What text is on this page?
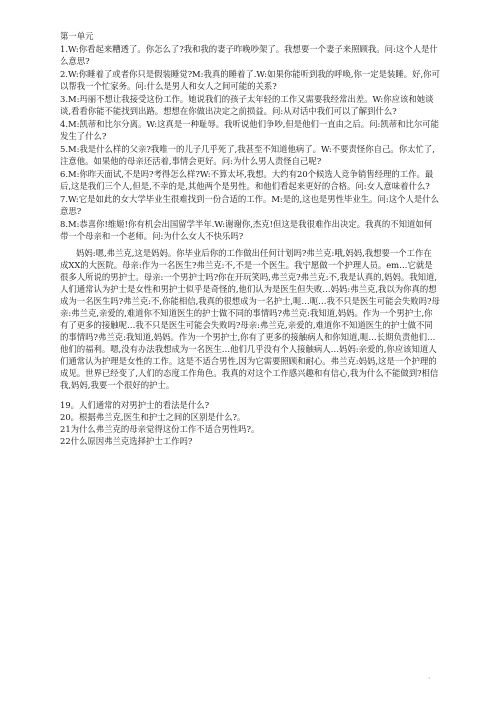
第一单元

1.W:你看起来糟透了。你怎么了?我和我的妻子昨晚吵架了。我想要一个妻子来照顾我。问:这个人是什么意思?

2.W:你睡着了或者你只是假装睡觉?M:我真的睡着了.W:如果你能听到我的呼唤,你一定是装睡。好,你可以帮我一个忙家务。问:什么是男人和女人之间可能的关系?

3.M:玛丽不想让我接受这份工作。她说我们的孩子太年轻的工作又需要我经常出差。W:你应该和她谈谈,看看你能不能找到出路。想想在你做出决定之前损益。问:从对话中我们可以了解到什么?

4.M:凯蒂和比尔分离。W:这真是一种耻辱。我听说他们争吵,但是他们一直由之后。问:凯蒂和比尔可能发生了什么?

5.M:我是什么样的父亲?我唯一的儿子几乎死了,我甚至不知道他病了。W:不要责怪你自己。你太忙了,注意他。如果他的母亲还活着,事情会更好。问:为什么男人责怪自己呢?

6.M:你昨天面试,不是吗?考得怎么样?W:不算太坏,我想。大约有20个候选人竞争销售经理的工作。最后,这是我们三个人,但是,不幸的是,其他两个是男性。和他们看起来更好的合格。问:女人意味着什么?

7.W:它是如此的女大学毕业生很难找到一份合适的工作。M:是的,这也是男性毕业生。问:这个人是什么意思?

8.M:恭喜你!维姬!你有机会出国留学半年.W:谢谢你,杰克!但这是我很难作出决定。我真的不知道如何带一个母亲和一个老师。问:为什么女人不快乐吗?

妈妈:嗯,弗兰克,这是妈妈。你毕业后你的工作做出任何计划吗?弗兰克:哦,妈妈,我想要一个工作在成XX的大医院。母亲:作为一名医生?弗兰克:不,不是一个医生。我宁愿做一个护理人员。em…它就是很多人所说的男护士。母亲:一个男护士吗?你在开玩笑吗,弗兰克?弗兰克:不,我是认真的,妈妈。我知道,人们通常认为护士是女性和男护士似乎是奇怪的,他们认为是医生但失败…妈妈:弗兰克,我以为你真的想成为一名医生吗?弗兰克:不,你能相信,我真的很想成为一名护士,呃…呃…我不只是医生可能会失败吗?母亲:弗兰克,亲爱的,难道你不知道医生的护士做不同的事情吗?弗兰克:我知道,妈妈。作为一个男护士,你有了更多的接触呢…我不只是医生可能会失败吗?母亲:弗兰克,亲爱的,难道你不知道医生的护士做不同的事情吗?弗兰克:我知道,妈妈。作为一个男护士,你有了更多的接触病人和你知道,呃…长期负责他们…他们的福利。嗯,没有办法我想成为一名医生…他们几乎没有个人接触病人…妈妈:亲爱的,你应该知道人们通常认为护理是女性的工作。这是不适合男性,因为它需要照顾和耐心。弗兰克:妈妈,这是一个护理的成见。世界已经变了,人们的态度工作角色。我真的对这个工作感兴趣和有信心,我为什么不能做到?相信我,妈妈,我要一个很好的护士。

19。人们通常的对男护士的看法是什么?

20。根据弗兰克,医生和护士之间的区别是什么?。

21为什么弗兰克的母亲觉得这份工作不适合男性吗?。

22什么原因弗兰克选择护士工作吗?

·
